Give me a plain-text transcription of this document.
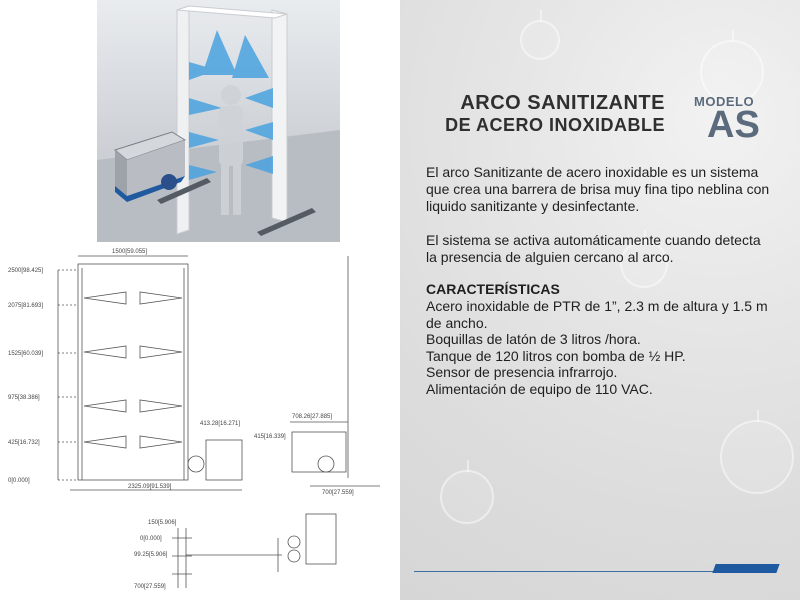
ARCO SANITIZANTE
DE ACERO INOXIDABLE
MODELO
AS
El arco Sanitizante de acero inoxidable es un sistema que crea una barrera de brisa muy fina tipo neblina con liquido sanitizante y desinfectante.
El sistema se activa automáticamente cuando detecta la presencia de alguien cercano al arco.
CARACTERÍSTICAS
Acero inoxidable de PTR de 1”, 2.3 m de altura y 1.5 m de ancho.
Boquillas de latón de 3 litros /hora.
Tanque de 120 litros con bomba de ½ HP.
Sensor de presencia infrarrojo.
Alimentación de equipo de 110 VAC.
1500[59.055]
2500[98.425]
2075[81.693]
1525[60.039]
975[38.386]
425[16.732]
0[0.000]
413.28[16.271]
415[16.339]
2325.09[91.539]
708.26[27.885]
700[27.559]
150[5.906]
0[0.000]
99.25[5.906]
700[27.559]
